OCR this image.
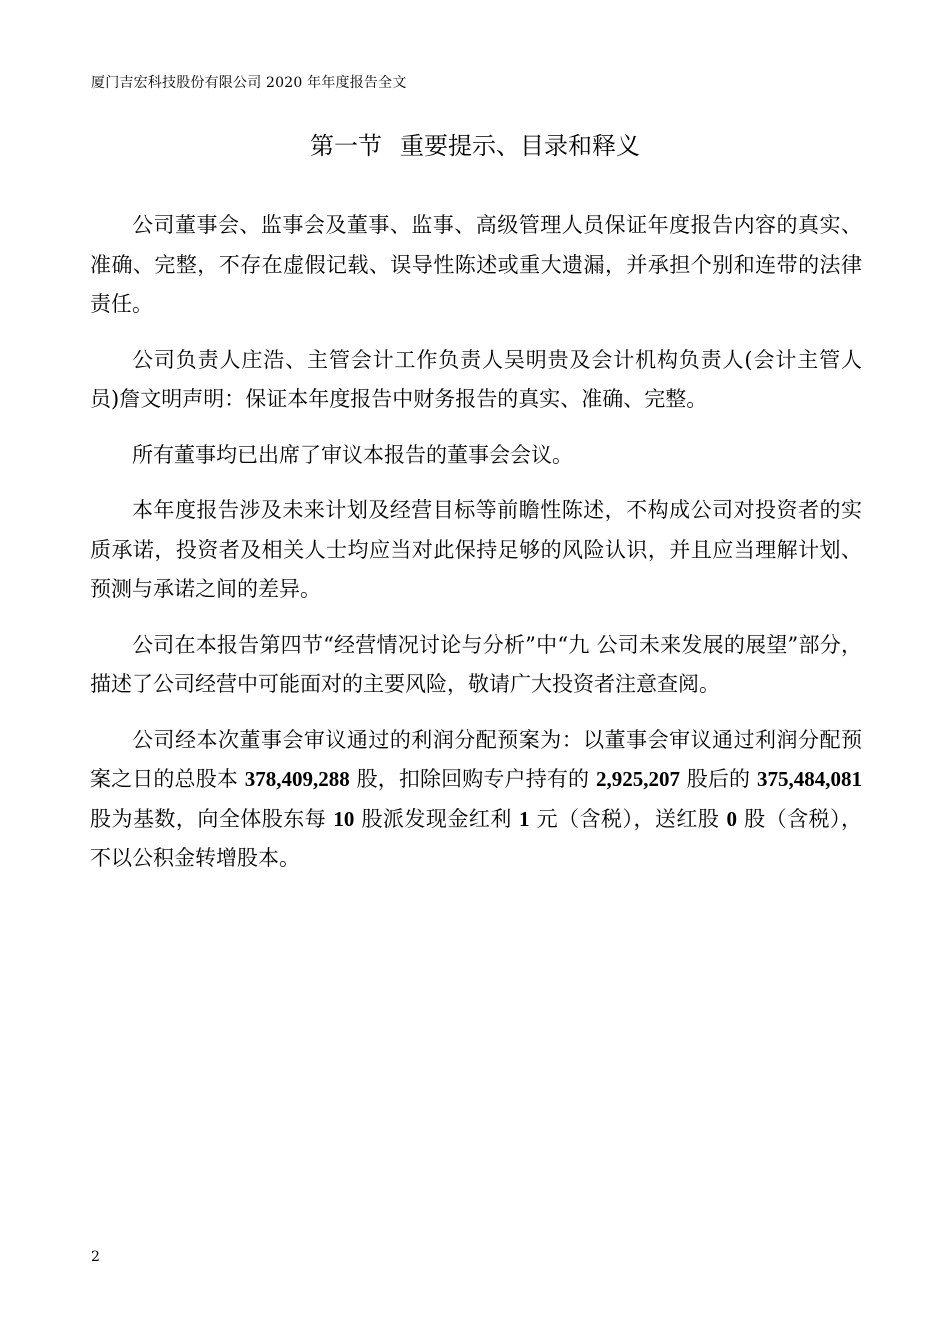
厦门吉宏科技股份有限公司 2020 年年度报告全文
第一节 重要提示、目录和释义

公司董事会、监事会及董事、监事、高级管理人员保证年度报告内容的真实、准确、完整，不存在虚假记载、误导性陈述或重大遗漏，并承担个别和连带的法律责任。

公司负责人庄浩、主管会计工作负责人吴明贵及会计机构负责人(会计主管人员)詹文明声明：保证本年度报告中财务报告的真实、准确、完整。

所有董事均已出席了审议本报告的董事会会议。

本年度报告涉及未来计划及经营目标等前瞻性陈述，不构成公司对投资者的实质承诺，投资者及相关人士均应当对此保持足够的风险认识，并且应当理解计划、预测与承诺之间的差异。

公司在本报告第四节“经营情况讨论与分析”中“九 公司未来发展的展望”部分，描述了公司经营中可能面对的主要风险，敬请广大投资者注意查阅。

公司经本次董事会审议通过的利润分配预案为：以董事会审议通过利润分配预案之日的总股本 378,409,288 股，扣除回购专户持有的 2,925,207 股后的 375,484,081 股为基数，向全体股东每 10 股派发现金红利 1 元（含税），送红股 0 股（含税），不以公积金转增股本。

2
